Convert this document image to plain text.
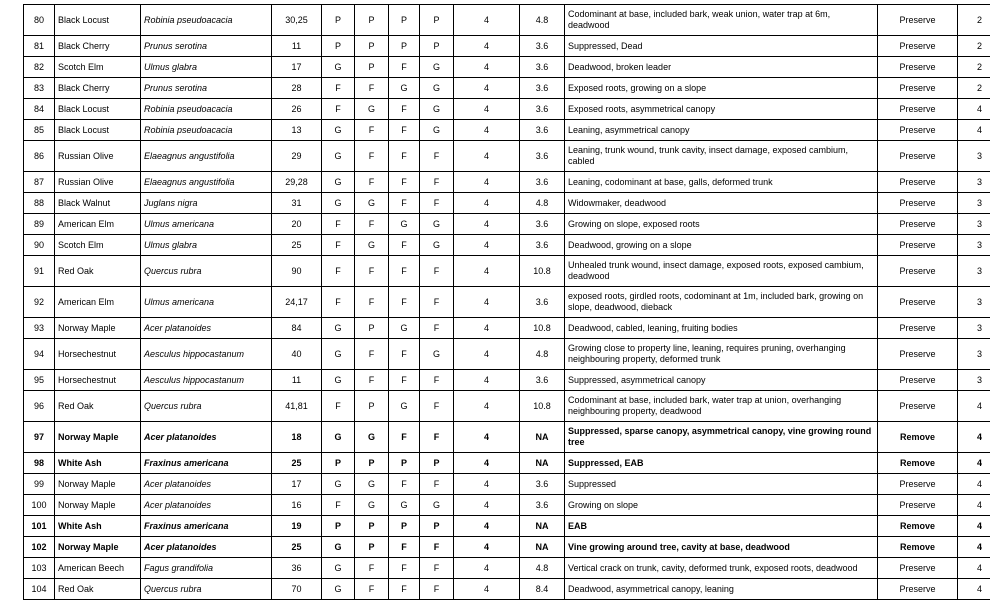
80	Black Locust	Robinia pseudoacacia	30,25	P	P	P	P	4	4.8	Codominant at base, included bark, weak union, water trap at 6m, deadwood	Preserve	2
81	Black Cherry	Prunus serotina	11	P	P	P	P	4	3.6	Suppressed, Dead	Preserve	2
82	Scotch Elm	Ulmus glabra	17	G	P	F	G	4	3.6	Deadwood, broken leader	Preserve	2
83	Black Cherry	Prunus serotina	28	F	F	G	G	4	3.6	Exposed roots, growing on a slope	Preserve	2
84	Black Locust	Robinia pseudoacacia	26	F	G	F	G	4	3.6	Exposed roots, asymmetrical canopy	Preserve	4
85	Black Locust	Robinia pseudoacacia	13	G	F	F	G	4	3.6	Leaning, asymmetrical canopy	Preserve	4
86	Russian Olive	Elaeagnus angustifolia	29	G	F	F	F	4	3.6	Leaning, trunk wound, trunk cavity, insect damage, exposed cambium, cabled	Preserve	3
87	Russian Olive	Elaeagnus angustifolia	29,28	G	F	F	F	4	3.6	Leaning, codominant at base, galls, deformed trunk	Preserve	3
88	Black Walnut	Juglans nigra	31	G	G	F	F	4	4.8	Widowmaker, deadwood	Preserve	3
89	American Elm	Ulmus americana	20	F	F	G	G	4	3.6	Growing on slope, exposed roots	Preserve	3
90	Scotch Elm	Ulmus glabra	25	F	G	F	G	4	3.6	Deadwood, growing on a slope	Preserve	3
91	Red Oak	Quercus rubra	90	F	F	F	F	4	10.8	Unhealed trunk wound, insect damage, exposed roots, exposed cambium, deadwood	Preserve	3
92	American Elm	Ulmus americana	24,17	F	F	F	F	4	3.6	exposed roots, girdled roots, codominant at 1m, included bark, growing on slope, deadwood, dieback	Preserve	3
93	Norway Maple	Acer platanoides	84	G	P	G	F	4	10.8	Deadwood, cabled, leaning, fruiting bodies	Preserve	3
94	Horsechestnut	Aesculus hippocastanum	40	G	F	F	G	4	4.8	Growing close to property line, leaning, requires pruning, overhanging neighbouring property, deformed trunk	Preserve	3
95	Horsechestnut	Aesculus hippocastanum	11	G	F	F	F	4	3.6	Suppressed, asymmetrical canopy	Preserve	3
96	Red Oak	Quercus rubra	41,81	F	P	G	F	4	10.8	Codominant at base, included bark, water trap at union, overhanging neighbouring property, deadwood	Preserve	4
97	Norway Maple	Acer platanoides	18	G	G	F	F	4	NA	Suppressed, sparse canopy, asymmetrical canopy, vine growing round tree	Remove	4
98	White Ash	Fraxinus americana	25	P	P	P	P	4	NA	Suppressed, EAB	Remove	4
99	Norway Maple	Acer platanoides	17	G	G	F	F	4	3.6	Suppressed	Preserve	4
100	Norway Maple	Acer platanoides	16	F	G	G	G	4	3.6	Growing on slope	Preserve	4
101	White Ash	Fraxinus americana	19	P	P	P	P	4	NA	EAB	Remove	4
102	Norway Maple	Acer platanoides	25	G	P	F	F	4	NA	Vine growing around tree, cavity at base, deadwood	Remove	4
103	American Beech	Fagus grandifolia	36	G	F	F	F	4	4.8	Vertical crack on trunk, cavity, deformed trunk, exposed roots, deadwood	Preserve	4
104	Red Oak	Quercus rubra	70	G	F	F	F	4	8.4	Deadwood, asymmetrical canopy, leaning	Preserve	4
